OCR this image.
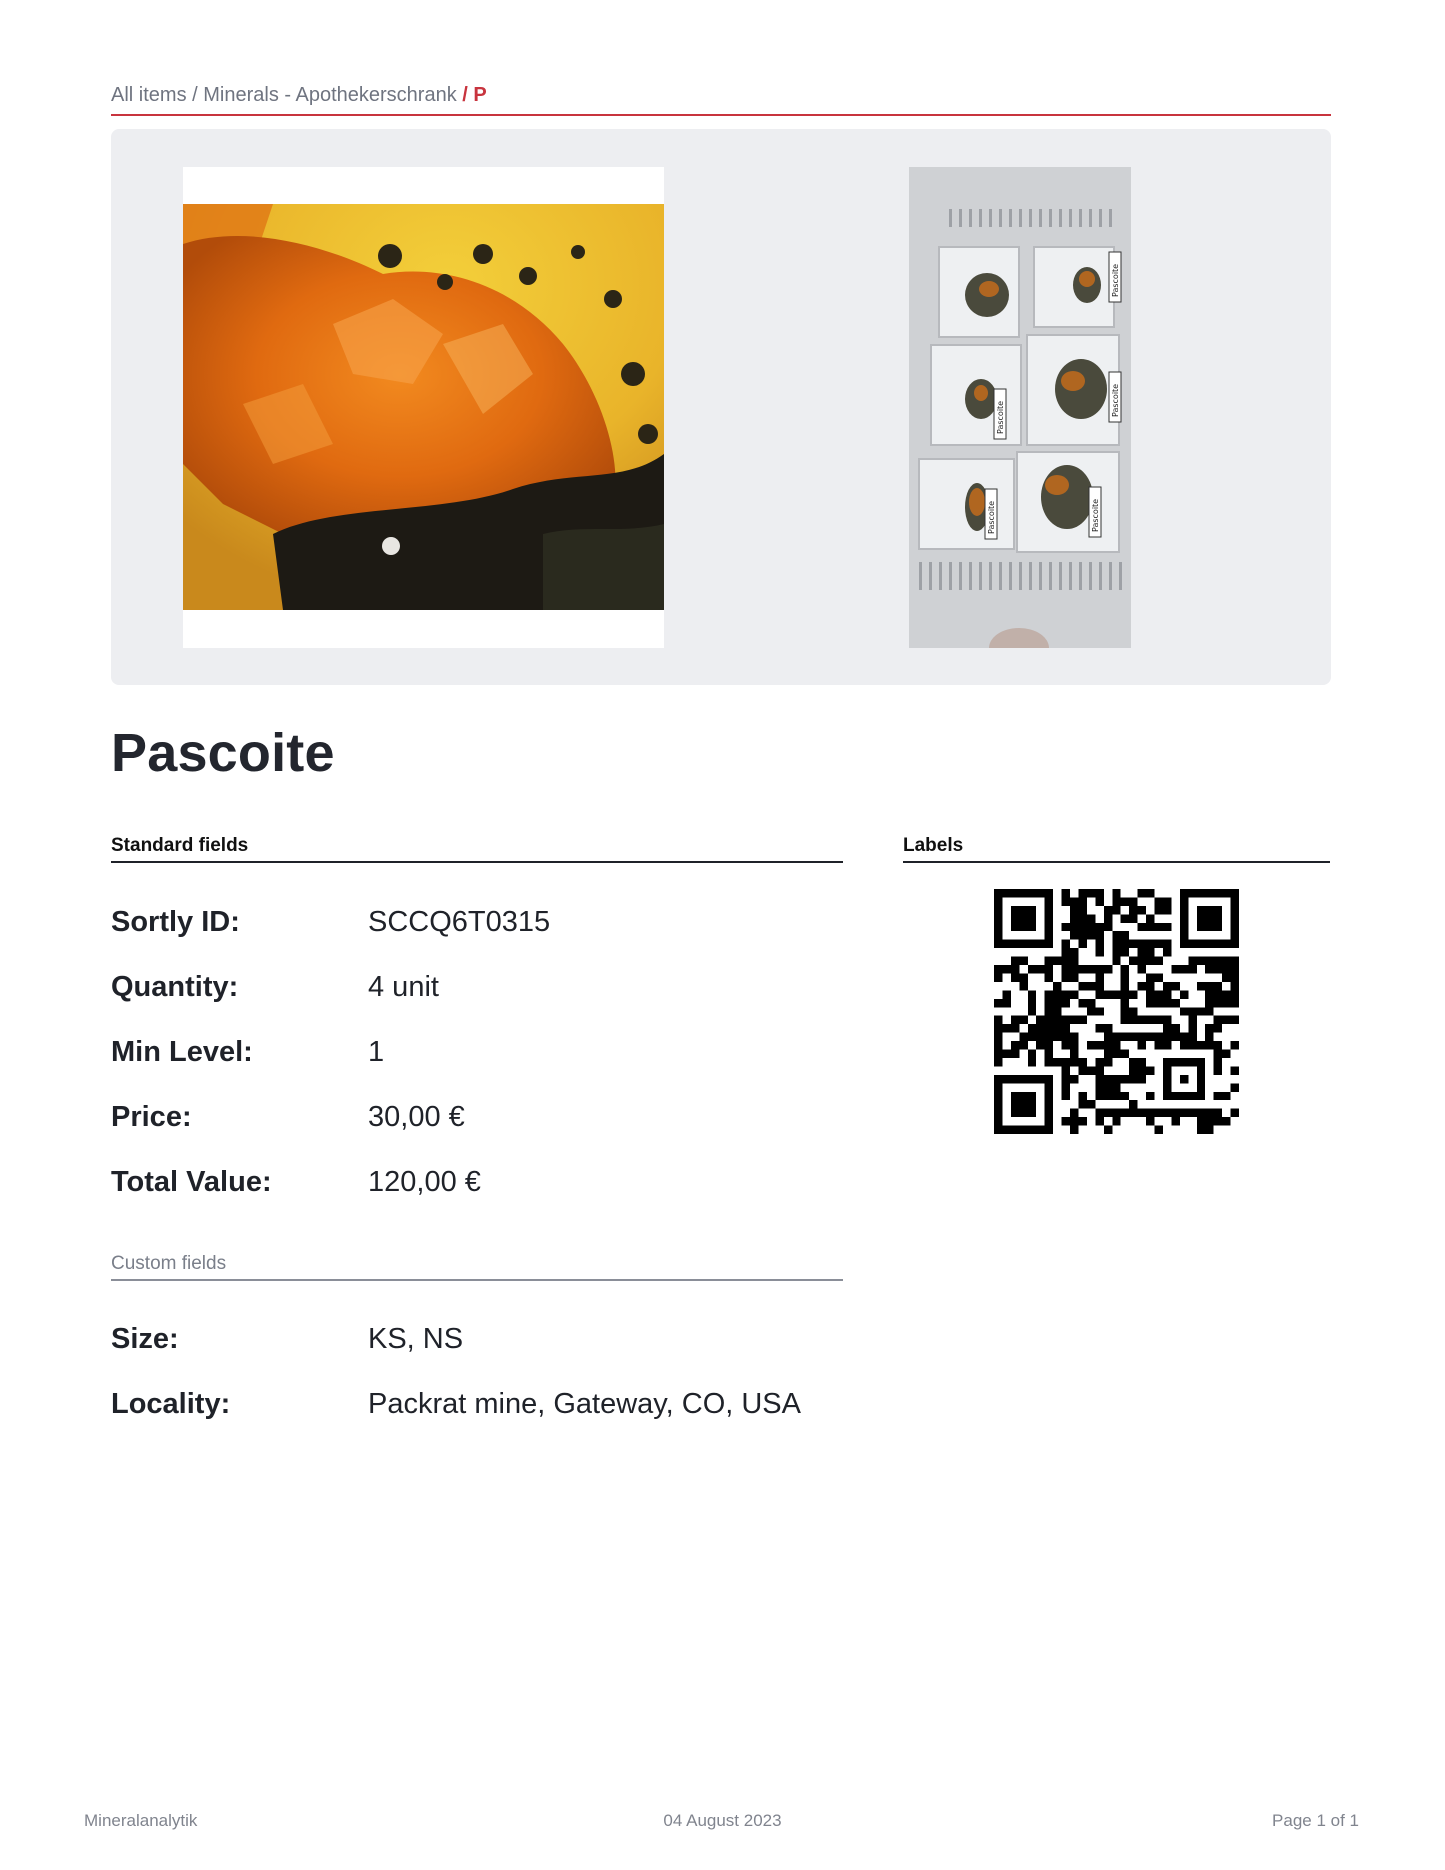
All items / Minerals - Apothekerschrank / P
Pascoite
Pascoite
Pascoite
Pascoite	Pascoite
Pascoite
Standard fields
Sortly ID:	SCCQ6T0315
Quantity:	4 unit
Min Level:	1
Price:	30,00 €
Total Value:	120,00 €
Custom fields
Size:	KS, NS
Locality:	Packrat mine, Gateway, CO, USA
Labels
Mineralanalytik	04 August 2023	Page 1 of 1
